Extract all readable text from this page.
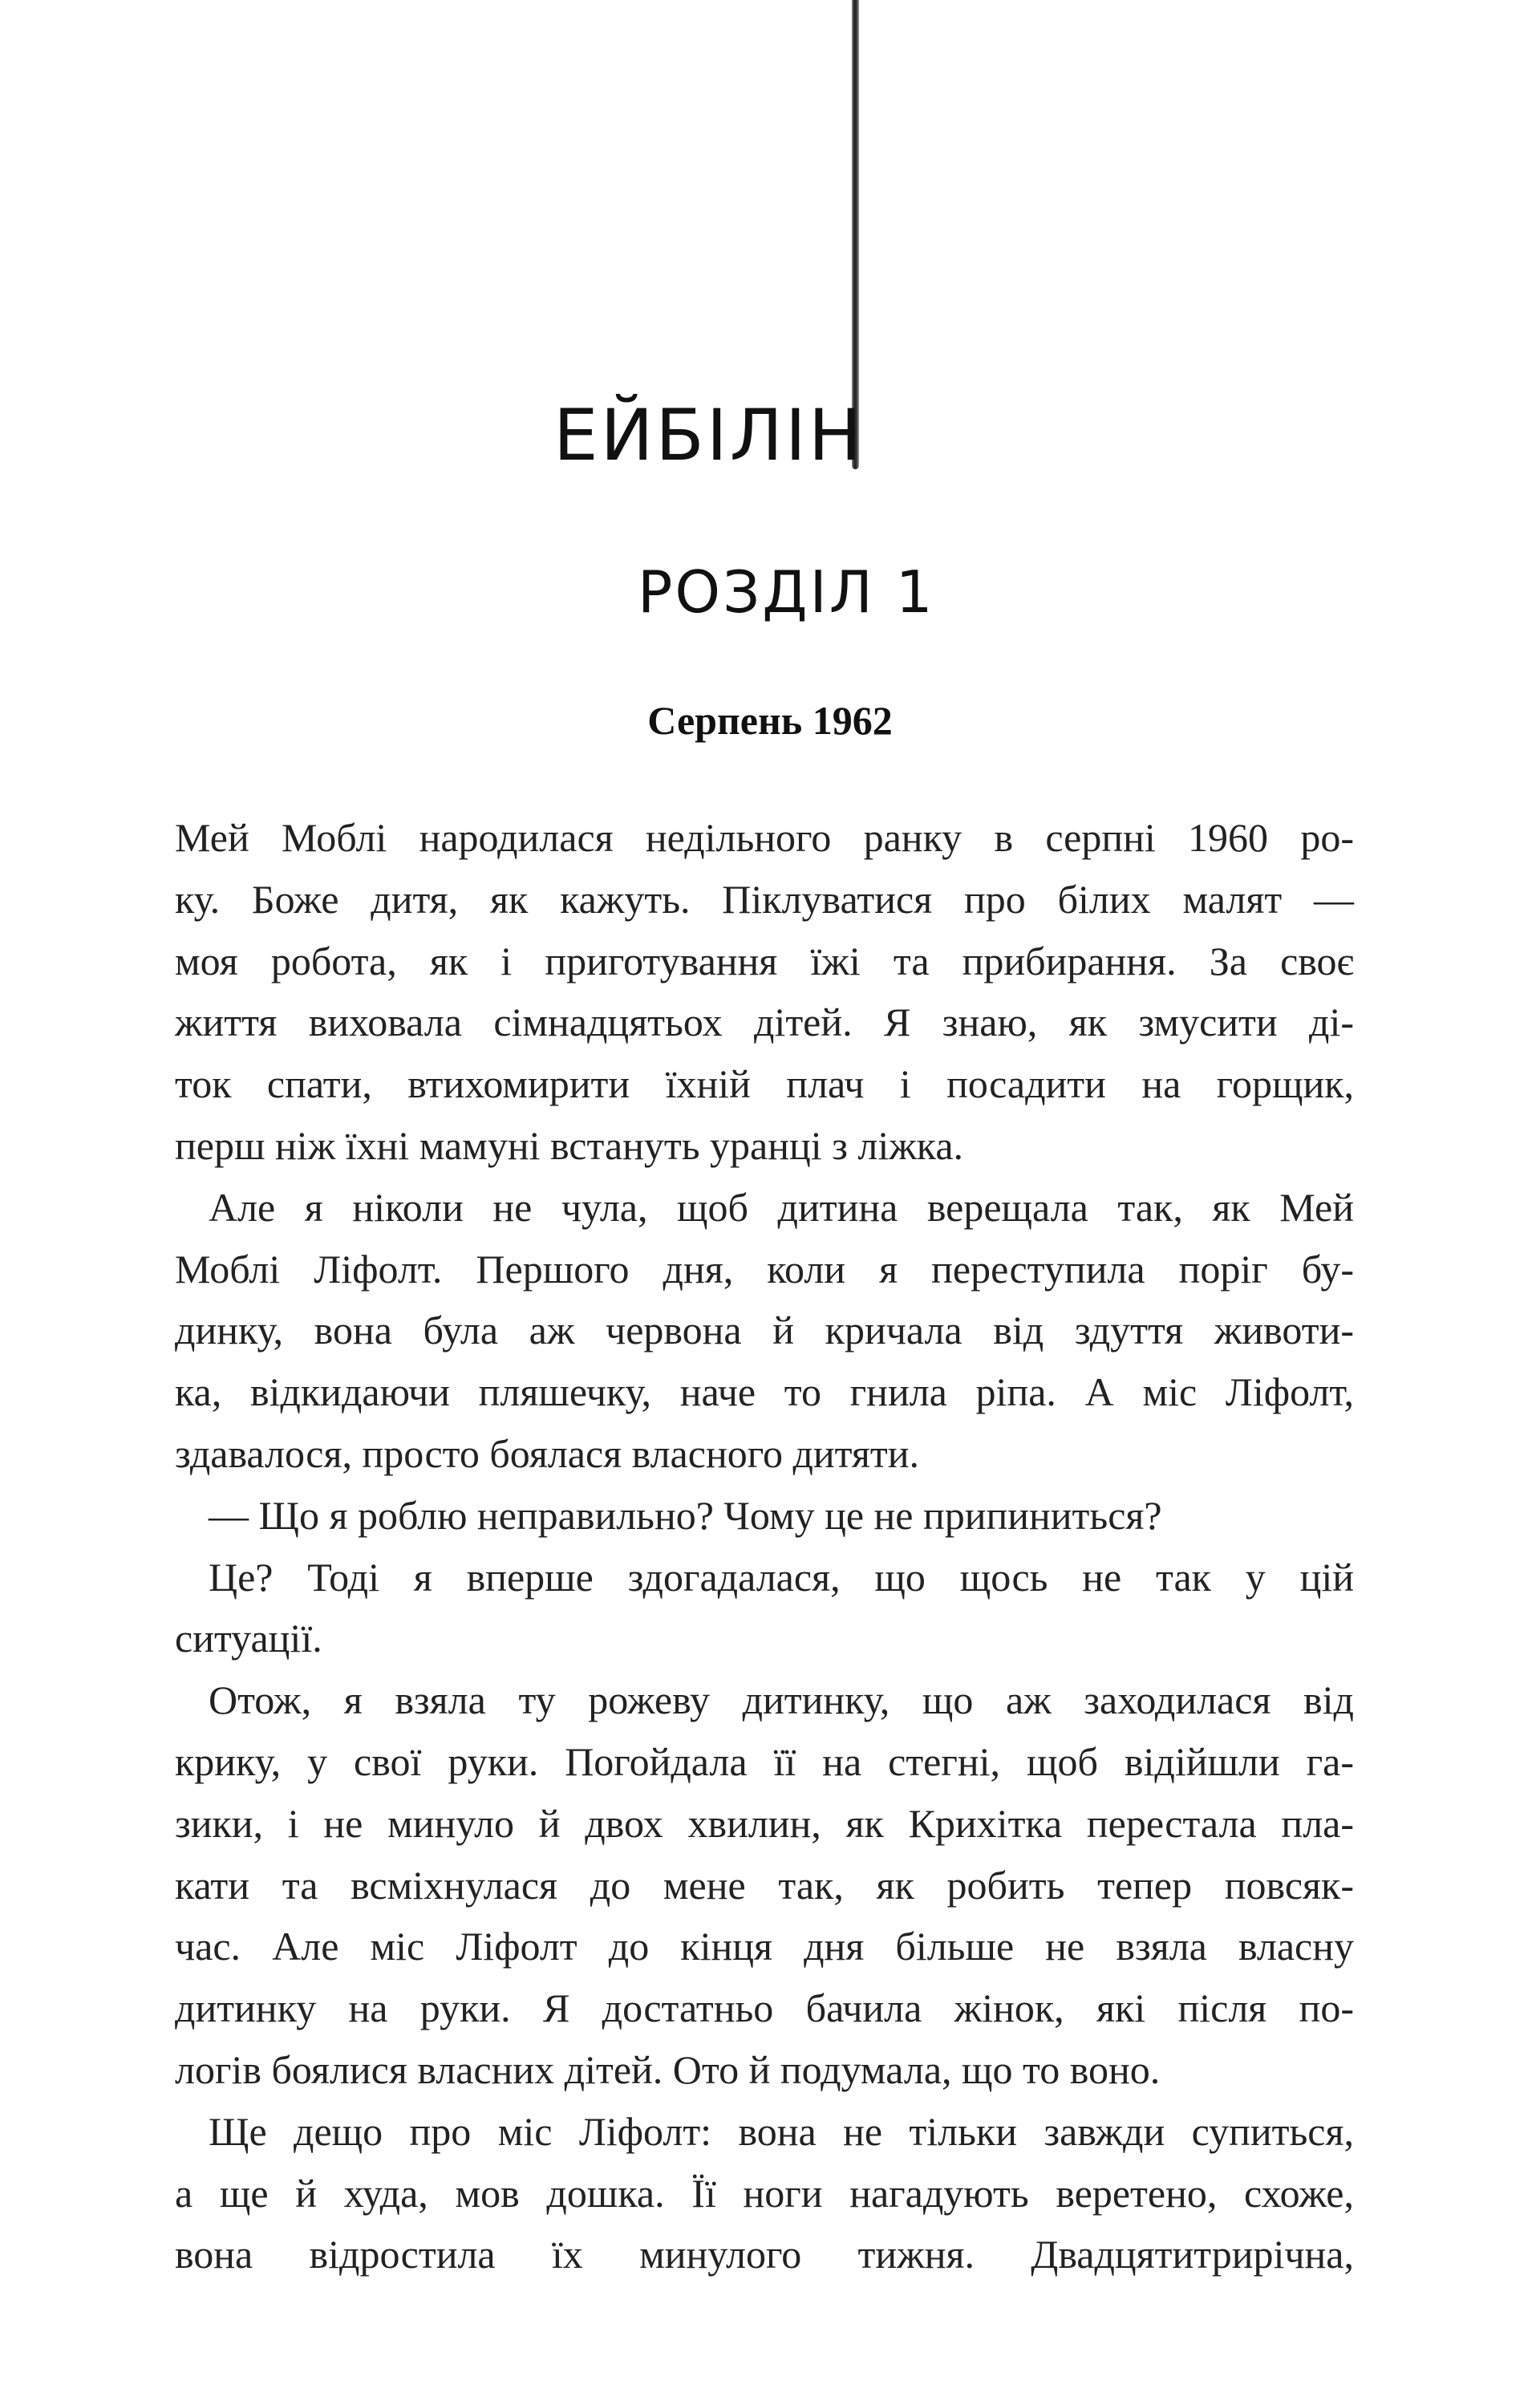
ЕЙБІЛІН
РОЗДІЛ 1
Серпень 1962
Мей Моблі народилася недільного ранку в серпні 1960 ро-
ку. Боже дитя, як кажуть. Піклуватися про білих малят —
моя робота, як і приготування їжі та прибирання. За своє
життя виховала сімнадцятьох дітей. Я знаю, як змусити ді-
ток спати, втихомирити їхній плач і посадити на горщик,
перш ніж їхні мамуні встануть уранці з ліжка.
Але я ніколи не чула, щоб дитина верещала так, як Мей
Моблі Ліфолт. Першого дня, коли я переступила поріг бу-
динку, вона була аж червона й кричала від здуття животи-
ка, відкидаючи пляшечку, наче то гнила ріпа. А міс Ліфолт,
здавалося, просто боялася власного дитяти.
— Що я роблю неправильно? Чому це не припиниться?
Це? Тоді я вперше здогадалася, що щось не так у цій
ситуації.
Отож, я взяла ту рожеву дитинку, що аж заходилася від
крику, у свої руки. Погойдала її на стегні, щоб відійшли га-
зики, і не минуло й двох хвилин, як Крихітка перестала пла-
кати та всміхнулася до мене так, як робить тепер повсяк-
час. Але міс Ліфолт до кінця дня більше не взяла власну
дитинку на руки. Я достатньо бачила жінок, які після по-
логів боялися власних дітей. Ото й подумала, що то воно.
Ще дещо про міс Ліфолт: вона не тільки завжди супиться,
а ще й худа, мов дошка. Її ноги нагадують веретено, схоже,
вона відростила їх минулого тижня. Двадцятитрирічна,
